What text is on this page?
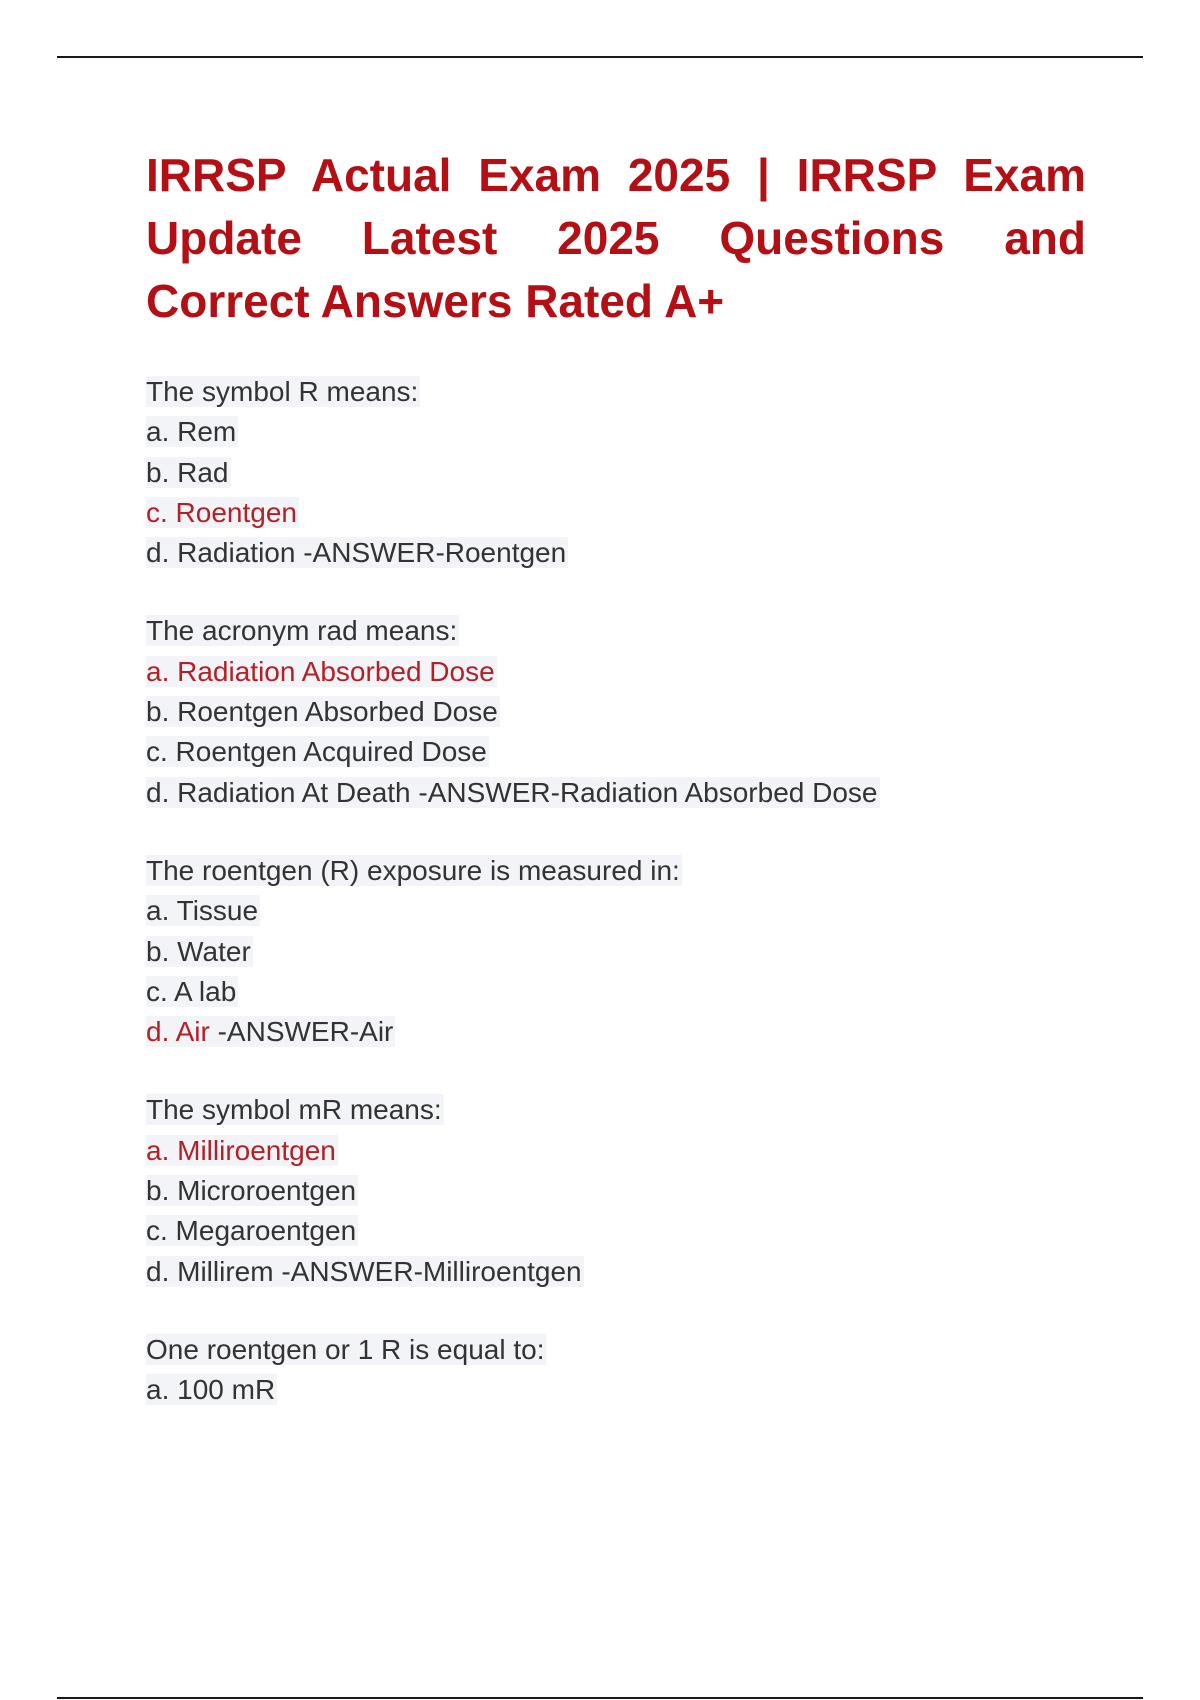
IRRSP Actual Exam 2025 | IRRSP Exam
Update Latest 2025 Questions and
Correct Answers Rated A+
The symbol R means:
a. Rem
b. Rad
c. Roentgen
d. Radiation -ANSWER-Roentgen
The acronym rad means:
a. Radiation Absorbed Dose
b. Roentgen Absorbed Dose
c. Roentgen Acquired Dose
d. Radiation At Death -ANSWER-Radiation Absorbed Dose
The roentgen (R) exposure is measured in:
a. Tissue
b. Water
c. A lab
d. Air -ANSWER-Air
The symbol mR means:
a. Milliroentgen
b. Microroentgen
c. Megaroentgen
d. Millirem -ANSWER-Milliroentgen
One roentgen or 1 R is equal to:
a. 100 mR
